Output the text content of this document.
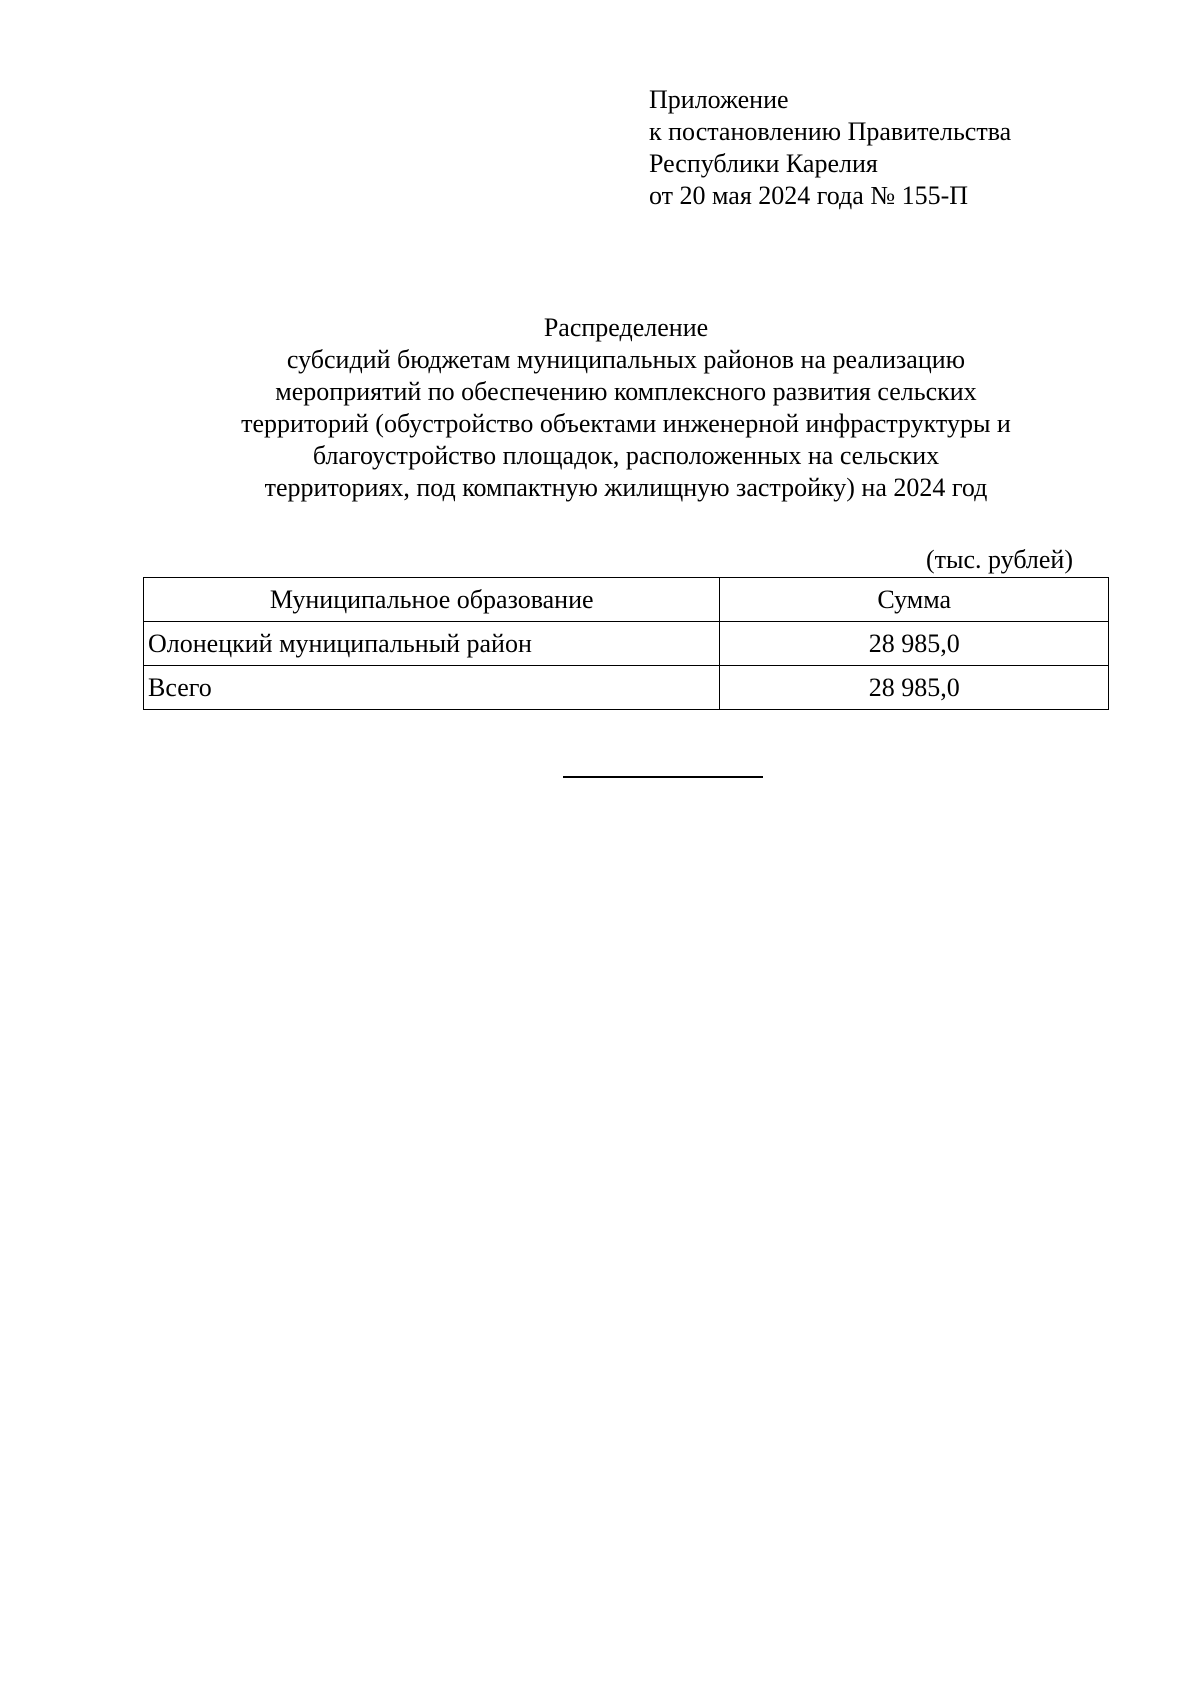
Приложение
к постановлению Правительства
Республики Карелия
от 20 мая 2024 года № 155-П
Распределение
субсидий бюджетам муниципальных районов на реализацию
мероприятий по обеспечению комплексного развития сельских
территорий (обустройство объектами инженерной инфраструктуры и
благоустройство площадок, расположенных на сельских
территориях, под компактную жилищную застройку) на 2024 год
(тыс. рублей)
Муниципальное образование	Сумма
Олонецкий муниципальный район	28 985,0
Всего	28 985,0
